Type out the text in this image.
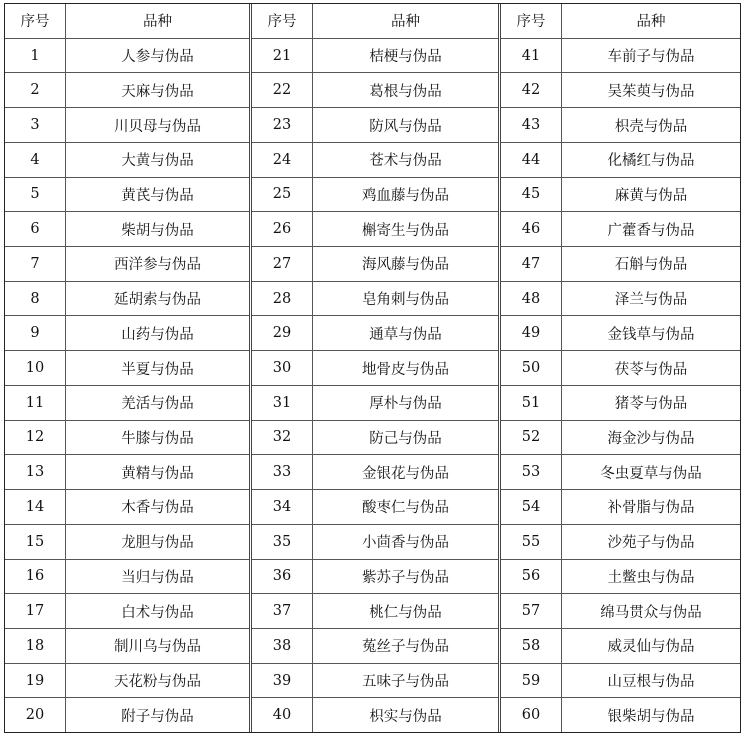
序号	品种
1	人参与伪品
2	天麻与伪品
3	川贝母与伪品
4	大黄与伪品
5	黄芪与伪品
6	柴胡与伪品
7	西洋参与伪品
8	延胡索与伪品
9	山药与伪品
10	半夏与伪品
11	羌活与伪品
12	牛膝与伪品
13	黄精与伪品
14	木香与伪品
15	龙胆与伪品
16	当归与伪品
17	白术与伪品
18	制川乌与伪品
19	天花粉与伪品
20	附子与伪品
序号	品种
21	桔梗与伪品
22	葛根与伪品
23	防风与伪品
24	苍术与伪品
25	鸡血藤与伪品
26	槲寄生与伪品
27	海风藤与伪品
28	皂角刺与伪品
29	通草与伪品
30	地骨皮与伪品
31	厚朴与伪品
32	防己与伪品
33	金银花与伪品
34	酸枣仁与伪品
35	小茴香与伪品
36	紫苏子与伪品
37	桃仁与伪品
38	菟丝子与伪品
39	五味子与伪品
40	枳实与伪品
序号	品种
41	车前子与伪品
42	吴茱萸与伪品
43	枳壳与伪品
44	化橘红与伪品
45	麻黄与伪品
46	广藿香与伪品
47	石斛与伪品
48	泽兰与伪品
49	金钱草与伪品
50	茯苓与伪品
51	猪苓与伪品
52	海金沙与伪品
53	冬虫夏草与伪品
54	补骨脂与伪品
55	沙苑子与伪品
56	土鳖虫与伪品
57	绵马贯众与伪品
58	威灵仙与伪品
59	山豆根与伪品
60	银柴胡与伪品
